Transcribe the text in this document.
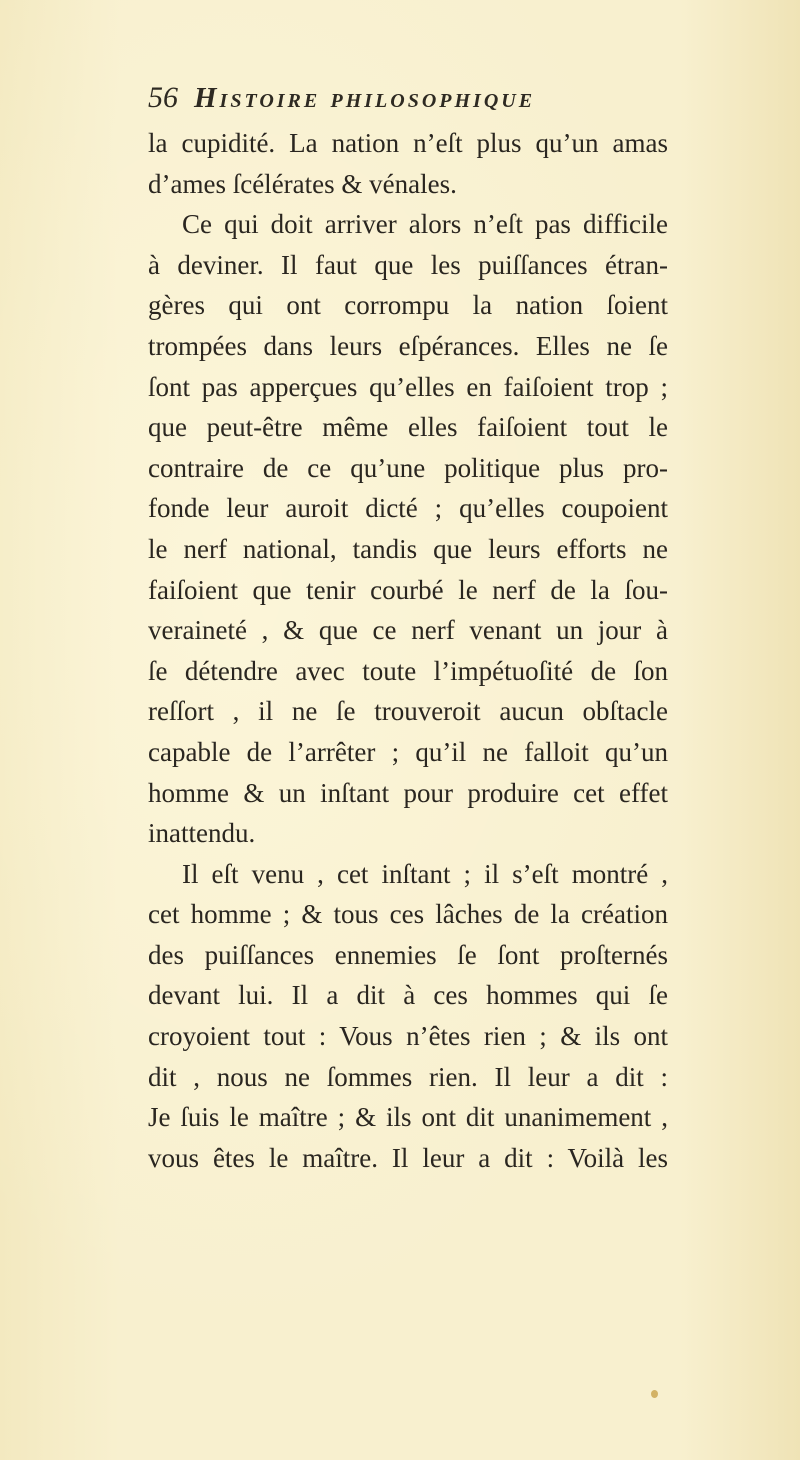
56 Histoire philosophique
la cupidité. La nation n’eſt plus qu’un amas
d’ames ſcélérates & vénales.
Ce qui doit arriver alors n’eſt pas difficile
à deviner. Il faut que les puiſſances étran-
gères qui ont corrompu la nation ſoient
trompées dans leurs eſpérances. Elles ne ſe
ſont pas apperçues qu’elles en faiſoient trop ;
que peut-être même elles faiſoient tout le
contraire de ce qu’une politique plus pro-
fonde leur auroit dicté ; qu’elles coupoient
le nerf national, tandis que leurs efforts ne
faiſoient que tenir courbé le nerf de la ſou-
veraineté , & que ce nerf venant un jour à
ſe détendre avec toute l’impétuoſité de ſon
reſſort , il ne ſe trouveroit aucun obſtacle
capable de l’arrêter ; qu’il ne falloit qu’un
homme & un inſtant pour produire cet effet
inattendu.
Il eſt venu , cet inſtant ; il s’eſt montré ,
cet homme ; & tous ces lâches de la création
des puiſſances ennemies ſe ſont proſternés
devant lui. Il a dit à ces hommes qui ſe
croyoient tout : Vous n’êtes rien ; & ils ont
dit , nous ne ſommes rien. Il leur a dit :
Je ſuis le maître ; & ils ont dit unanimement ,
vous êtes le maître. Il leur a dit : Voilà les
